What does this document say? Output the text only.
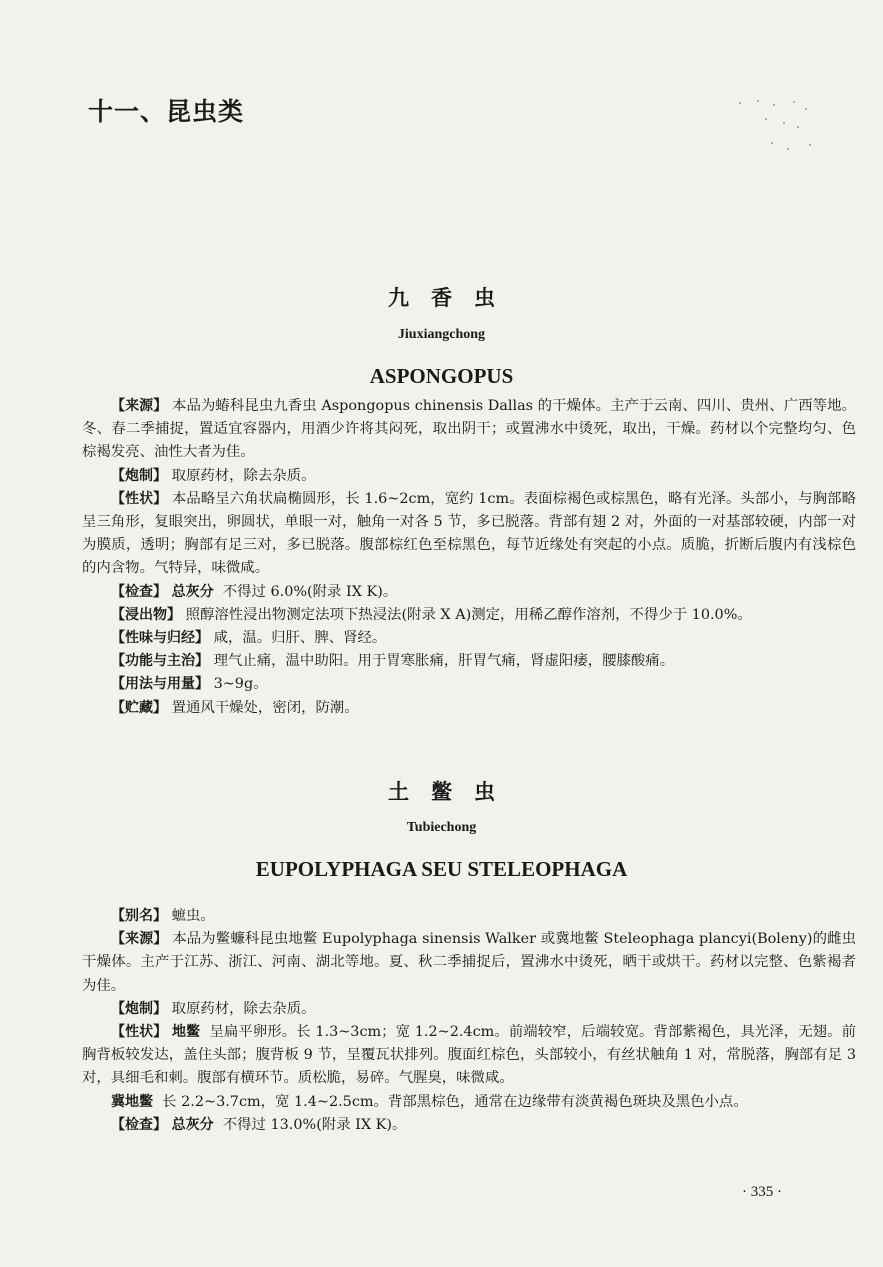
十一、昆虫类
九香虫
Jiuxiangchong
ASPONGOPUS

【来源】 本品为蝽科昆虫九香虫 Aspongopus chinensis Dallas 的干燥体。主产于云南、四川、贵州、广西等地。冬、春二季捕捉，置适宜容器内，用酒少许将其闷死，取出阴干；或置沸水中烫死，取出，干燥。药材以个完整均匀、色棕褐发亮、油性大者为佳。

【炮制】 取原药材，除去杂质。

【性状】 本品略呈六角状扁椭圆形，长 1.6~2cm，宽约 1cm。表面棕褐色或棕黑色，略有光泽。头部小，与胸部略呈三角形，复眼突出，卵圆状，单眼一对，触角一对各 5 节，多已脱落。背部有翅 2 对，外面的一对基部较硬，内部一对为膜质，透明；胸部有足三对，多已脱落。腹部棕红色至棕黑色，每节近缘处有突起的小点。质脆，折断后腹内有浅棕色的内含物。气特异，味微咸。

【检查】 总灰分 不得过 6.0%(附录 IX K)。

【浸出物】 照醇溶性浸出物测定法项下热浸法(附录 X A)测定，用稀乙醇作溶剂，不得少于 10.0%。

【性味与归经】 咸，温。归肝、脾、肾经。

【功能与主治】 理气止痛，温中助阳。用于胃寒胀痛，肝胃气痛，肾虚阳痿，腰膝酸痛。

【用法与用量】 3~9g。

【贮藏】 置通风干燥处，密闭，防潮。

土鳖虫
Tubiechong
EUPOLYPHAGA SEU STELEOPHAGA

【别名】 蟅虫。

【来源】 本品为鳖蠊科昆虫地鳖 Eupolyphaga sinensis Walker 或冀地鳖 Steleophaga plancyi(Boleny)的雌虫干燥体。主产于江苏、浙江、河南、湖北等地。夏、秋二季捕捉后，置沸水中烫死，晒干或烘干。药材以完整、色紫褐者为佳。

【炮制】 取原药材，除去杂质。

【性状】 地鳖 呈扁平卵形。长 1.3~3cm；宽 1.2~2.4cm。前端较窄，后端较宽。背部紫褐色，具光泽，无翅。前胸背板较发达，盖住头部；腹背板 9 节，呈覆瓦状排列。腹面红棕色，头部较小，有丝状触角 1 对，常脱落，胸部有足 3 对，具细毛和刺。腹部有横环节。质松脆，易碎。气腥臭，味微咸。

冀地鳖 长 2.2~3.7cm，宽 1.4~2.5cm。背部黑棕色，通常在边缘带有淡黄褐色斑块及黑色小点。

【检查】 总灰分 不得过 13.0%(附录 IX K)。

· 335 ·
